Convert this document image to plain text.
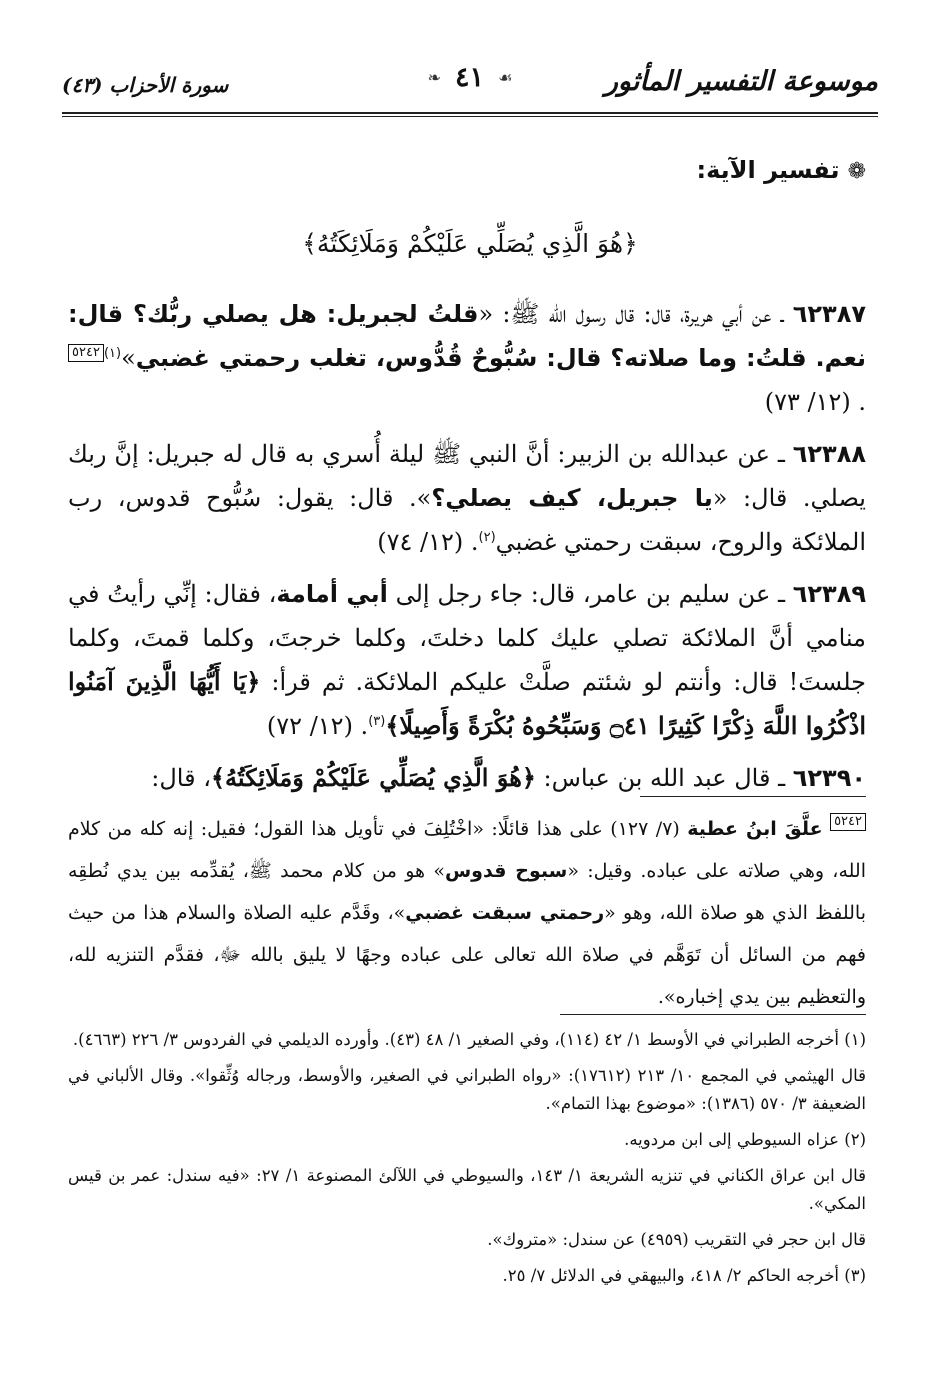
موسوعة التفسير المأثور
❧ ٤١ ☙
سورة الأحزاب (٤٣)
❁تفسير الآية:
﴿هُوَ الَّذِي يُصَلِّي عَلَيْكُمْ وَمَلَائِكَتُهُ﴾

٦٢٣٨٧ ـ عن أبي هريرة، قال: قال رسول الله ﷺ: «قلتُ لجبريل: هل يصلي ربُّك؟ قال: نعم. قلتُ: وما صلاته؟ قال: سُبُّوحٌ قُدُّوس، تغلب رحمتي غضبي»$^{(١)}$٥٢٤٢. (١٢/ ٧٣)

٦٢٣٨٨ ـ عن عبدالله بن الزبير: أنَّ النبي ﷺ ليلة أُسري به قال له جبريل: إنَّ ربك يصلي. قال: «يا جبريل، كيف يصلي؟». قال: يقول: سُبُّوح قدوس، رب الملائكة والروح، سبقت رحمتي غضبي$^{(٢)}$. (١٢/ ٧٤)

٦٢٣٨٩ ـ عن سليم بن عامر، قال: جاء رجل إلى أبي أمامة، فقال: إنِّي رأيتُ في منامي أنَّ الملائكة تصلي عليك كلما دخلتَ، وكلما خرجتَ، وكلما قمتَ، وكلما جلستَ! قال: وأنتم لو شئتم صلَّتْ عليكم الملائكة. ثم قرأ: ﴿يَا أَيُّهَا الَّذِينَ آمَنُوا اذْكُرُوا اللَّهَ ذِكْرًا كَثِيرًا ۝٤١ وَسَبِّحُوهُ بُكْرَةً وَأَصِيلًا﴾$^{(٣)}$. (١٢/ ٧٢)

٦٢٣٩٠ ـ قال عبد الله بن عباس: ﴿هُوَ الَّذِي يُصَلِّي عَلَيْكُمْ وَمَلَائِكَتُهُ﴾، قال:

٥٢٤٢ علَّقَ ابنُ عطية (٧/ ١٢٧) على هذا قائلًا: «اخْتُلِفَ في تأويل هذا القول؛ فقيل: إنه كله من كلام الله، وهي صلاته على عباده. وقيل: «سبوح قدوس» هو من كلام محمد ﷺ، يُقدِّمه بين يدي نُطقِه باللفظ الذي هو صلاة الله، وهو «رحمتي سبقت غضبي»، وقَدَّم عليه الصلاة والسلام هذا من حيث فهم من السائل أن تَوَهَّم في صلاة الله تعالى على عباده وجهًا لا يليق بالله ﷻ، فقدَّم التنزيه لله، والتعظيم بين يدي إخباره».

(١) أخرجه الطبراني في الأوسط ١/ ٤٢ (١١٤)، وفي الصغير ١/ ٤٨ (٤٣). وأورده الديلمي في الفردوس ٣/ ٢٢٦ (٤٦٦٣).

قال الهيثمي في المجمع ١٠/ ٢١٣ (١٧٦١٢): «رواه الطبراني في الصغير، والأوسط، ورجاله وُثِّقوا». وقال الألباني في الضعيفة ٣/ ٥٧٠ (١٣٨٦): «موضوع بهذا التمام».

(٢) عزاه السيوطي إلى ابن مردويه.

قال ابن عراق الكناني في تنزيه الشريعة ١/ ١٤٣، والسيوطي في اللآلئ المصنوعة ١/ ٢٧: «فيه سندل: عمر بن قيس المكي».

قال ابن حجر في التقريب (٤٩٥٩) عن سندل: «متروك».

(٣) أخرجه الحاكم ٢/ ٤١٨، والبيهقي في الدلائل ٧/ ٢٥.
